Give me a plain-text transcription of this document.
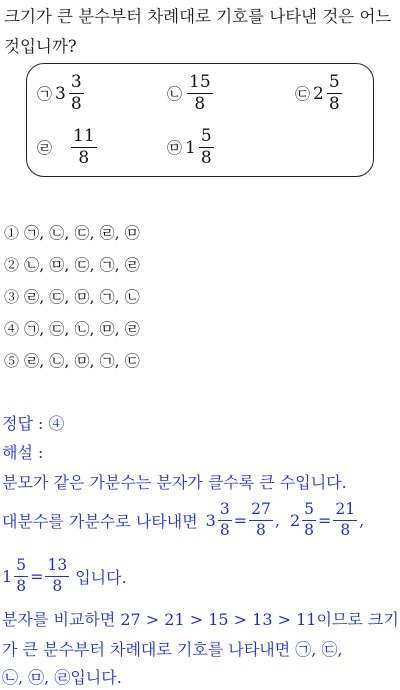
크기가 큰 분수부터 차례대로 기호를 나타낸 것은 어느 것입니까?
㉠ $3 \frac{3}{8}$	㉡ $\frac{15}{8}$	㉢ $2 \frac{5}{8}$
㉣ $\frac{11}{8}$	㉤ $1 \frac{5}{8}$
① ㉠, ㉡, ㉢, ㉣, ㉤
② ㉡, ㉤, ㉢, ㉠, ㉣
③ ㉣, ㉢, ㉤, ㉠, ㉡
④ ㉠, ㉢, ㉡, ㉤, ㉣
⑤ ㉣, ㉡, ㉤, ㉠, ㉢
정답 : ④
해설 :
분모가 같은 가분수는 분자가 클수록 큰 수입니다.
대분수를 가분수로 나타내면 $3 \frac{3}{8} = \frac{27}{8}$ , $2 \frac{5}{8} = \frac{21}{8}$ ,
$1 \frac{5}{8} = \frac{13}{8}$ 입니다.
분자를 비교하면 27 > 21 > 15 > 13 > 11이므로 크기
가 큰 분수부터 차례대로 기호를 나타내면 ㉠, ㉢,
㉡, ㉤, ㉣입니다.
